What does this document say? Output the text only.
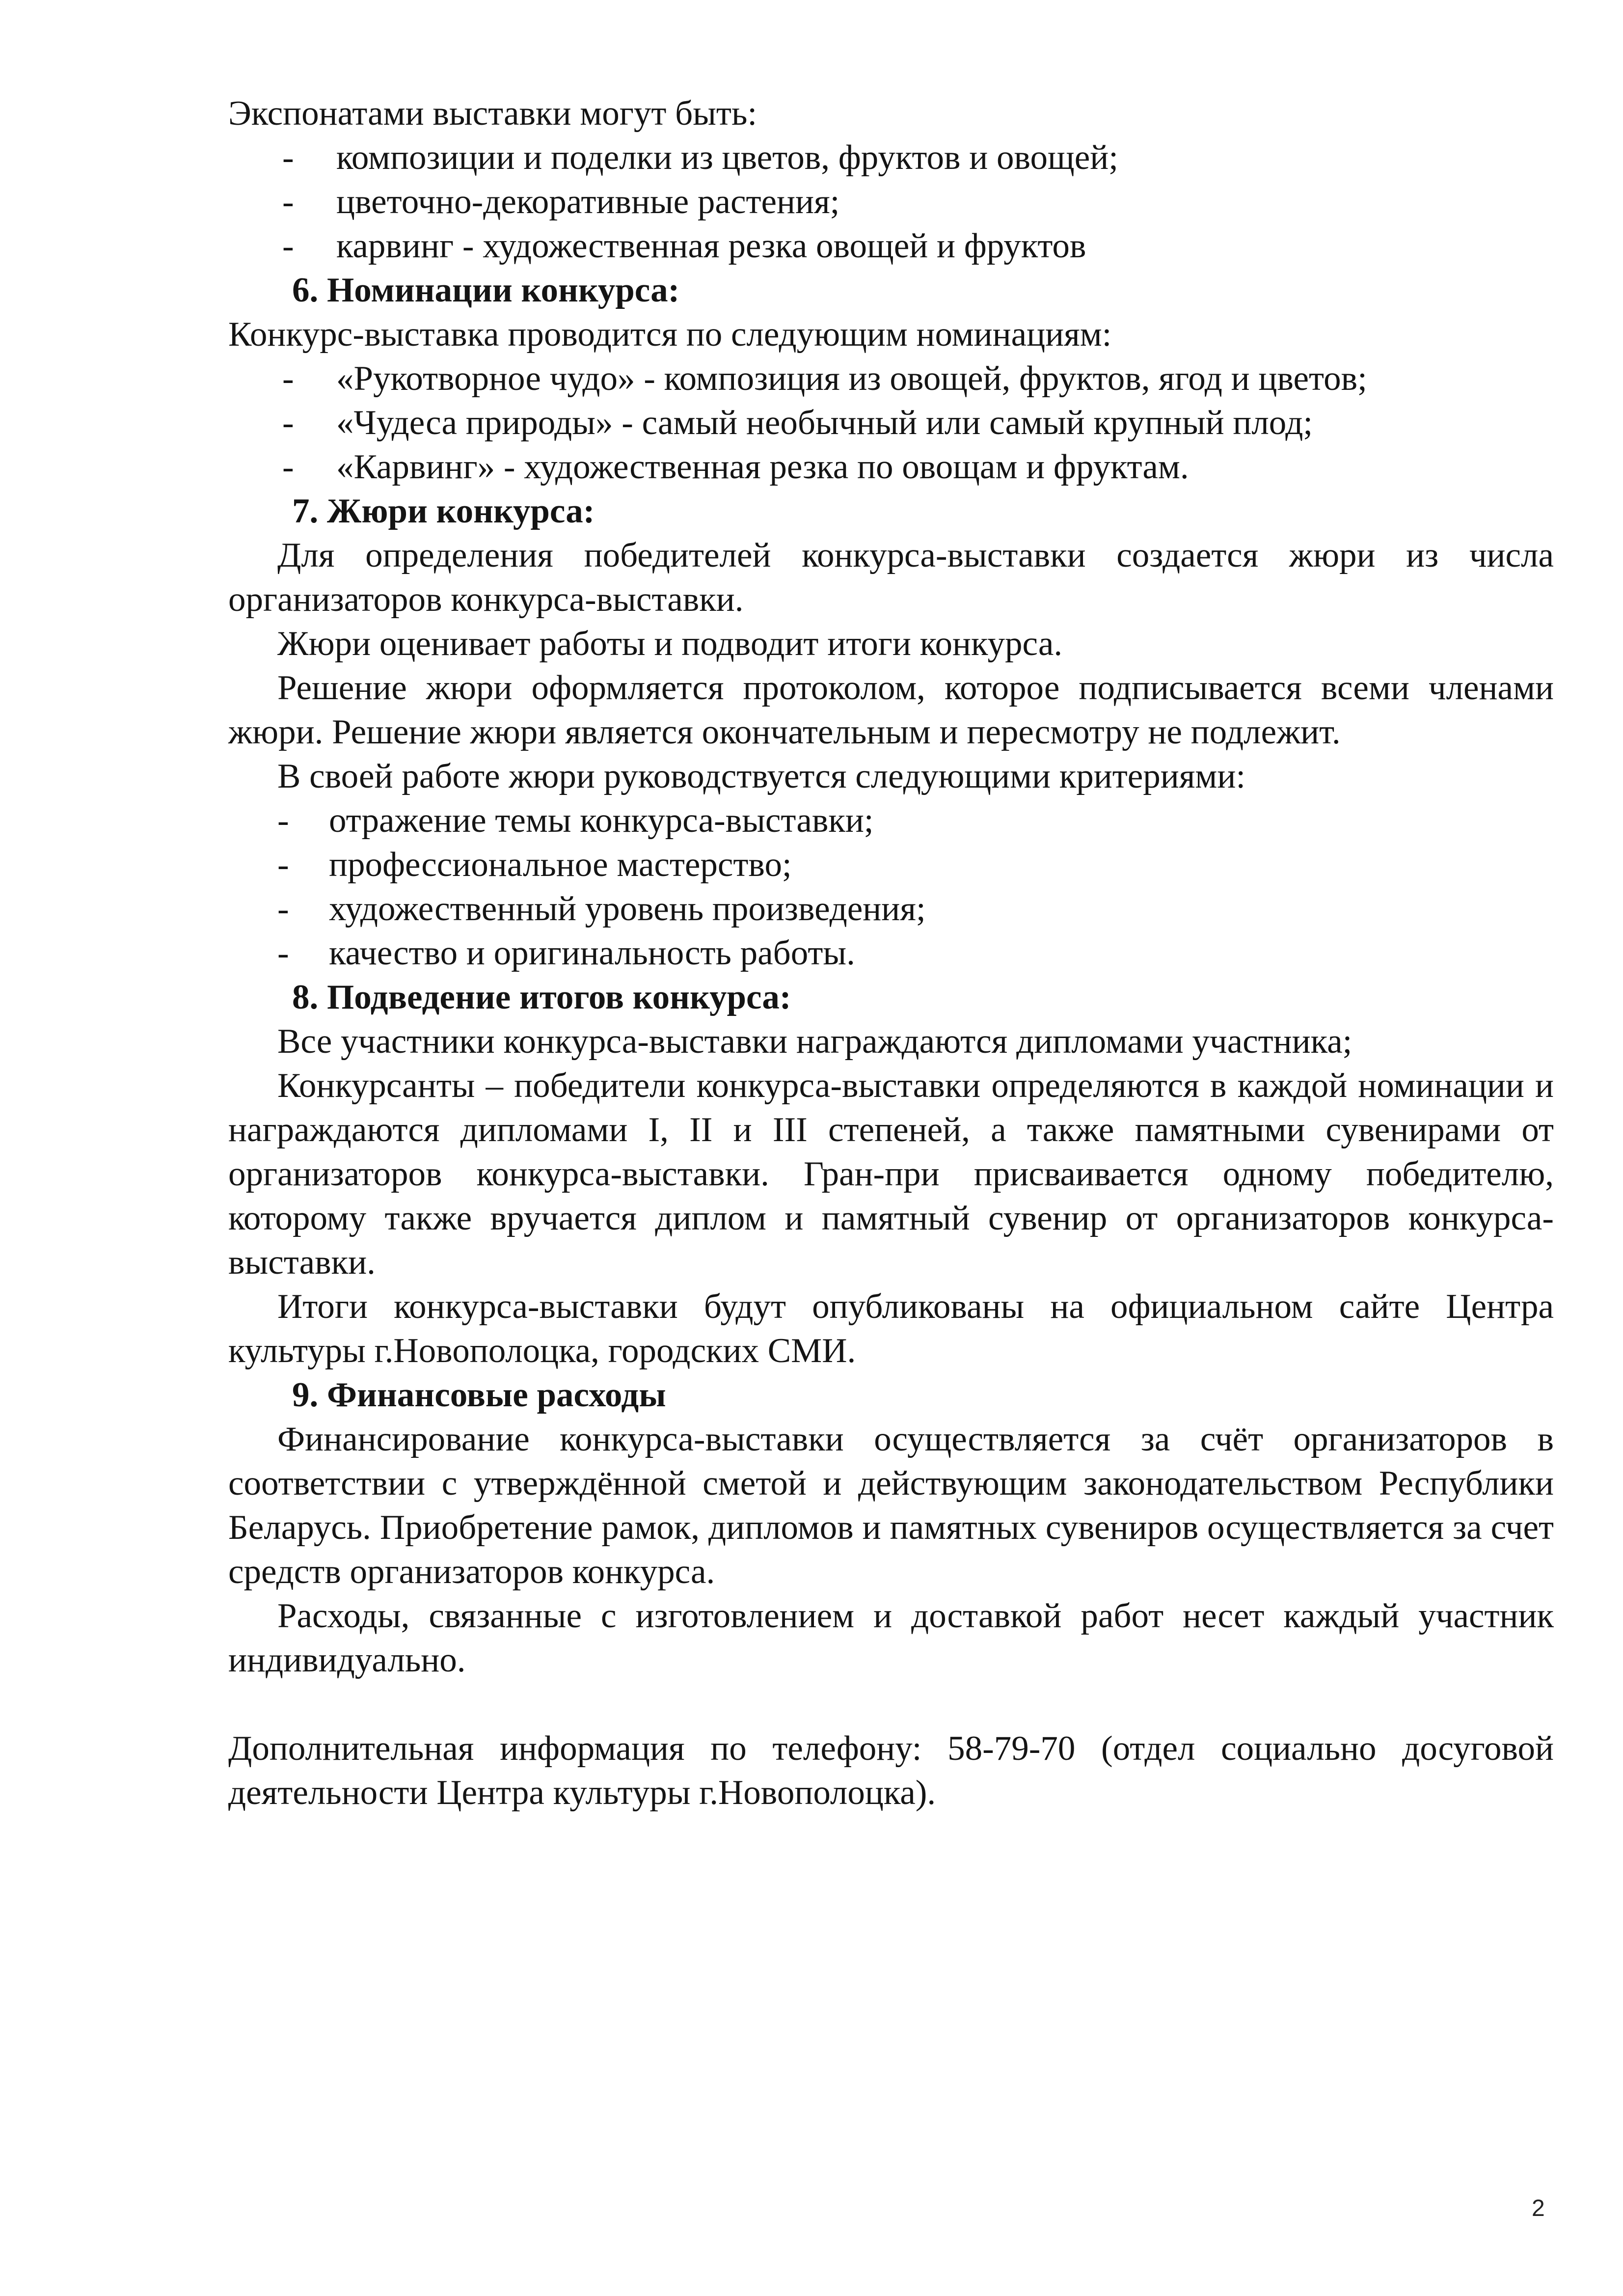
Экспонатами выставки могут быть:

- композиции и поделки из цветов, фруктов и овощей;
- цветочно-декоративные растения;
- карвинг - художественная резка овощей и фруктов

6. Номинации конкурса:

Конкурс-выставка проводится по следующим номинациям:

- «Рукотворное чудо» - композиция из овощей, фруктов, ягод и цветов;
- «Чудеса природы» - самый необычный или самый крупный плод;
- «Карвинг» - художественная резка по овощам и фруктам.

7. Жюри конкурса:

Для определения победителей конкурса-выставки создается жюри из числа организаторов конкурса-выставки.

Жюри оценивает работы и подводит итоги конкурса.

Решение жюри оформляется протоколом, которое подписывается всеми членами жюри. Решение жюри является окончательным и пересмотру не подлежит.

В своей работе жюри руководствуется следующими критериями:

- отражение темы конкурса-выставки;
- профессиональное мастерство;
- художественный уровень произведения;
- качество и оригинальность работы.

8. Подведение итогов конкурса:

Все участники конкурса-выставки награждаются дипломами участника;

Конкурсанты – победители конкурса-выставки определяются в каждой номинации и награждаются дипломами I, II и III степеней, а также памятными сувенирами от организаторов конкурса-выставки. Гран-при присваивается одному победителю, которому также вручается диплом и памятный сувенир от организаторов конкурса-выставки.

Итоги конкурса-выставки будут опубликованы на официальном сайте Центра культуры г.Новополоцка, городских СМИ.

9. Финансовые расходы

Финансирование конкурса-выставки осуществляется за счёт организаторов в соответствии с утверждённой сметой и действующим законодательством Республики Беларусь. Приобретение рамок, дипломов и памятных сувениров осуществляется за счет средств организаторов конкурса.

Расходы, связанные с изготовлением и доставкой работ несет каждый участник индивидуально.

Дополнительная информация по телефону: 58-79-70 (отдел социально досуговой деятельности Центра культуры г.Новополоцка).

2
